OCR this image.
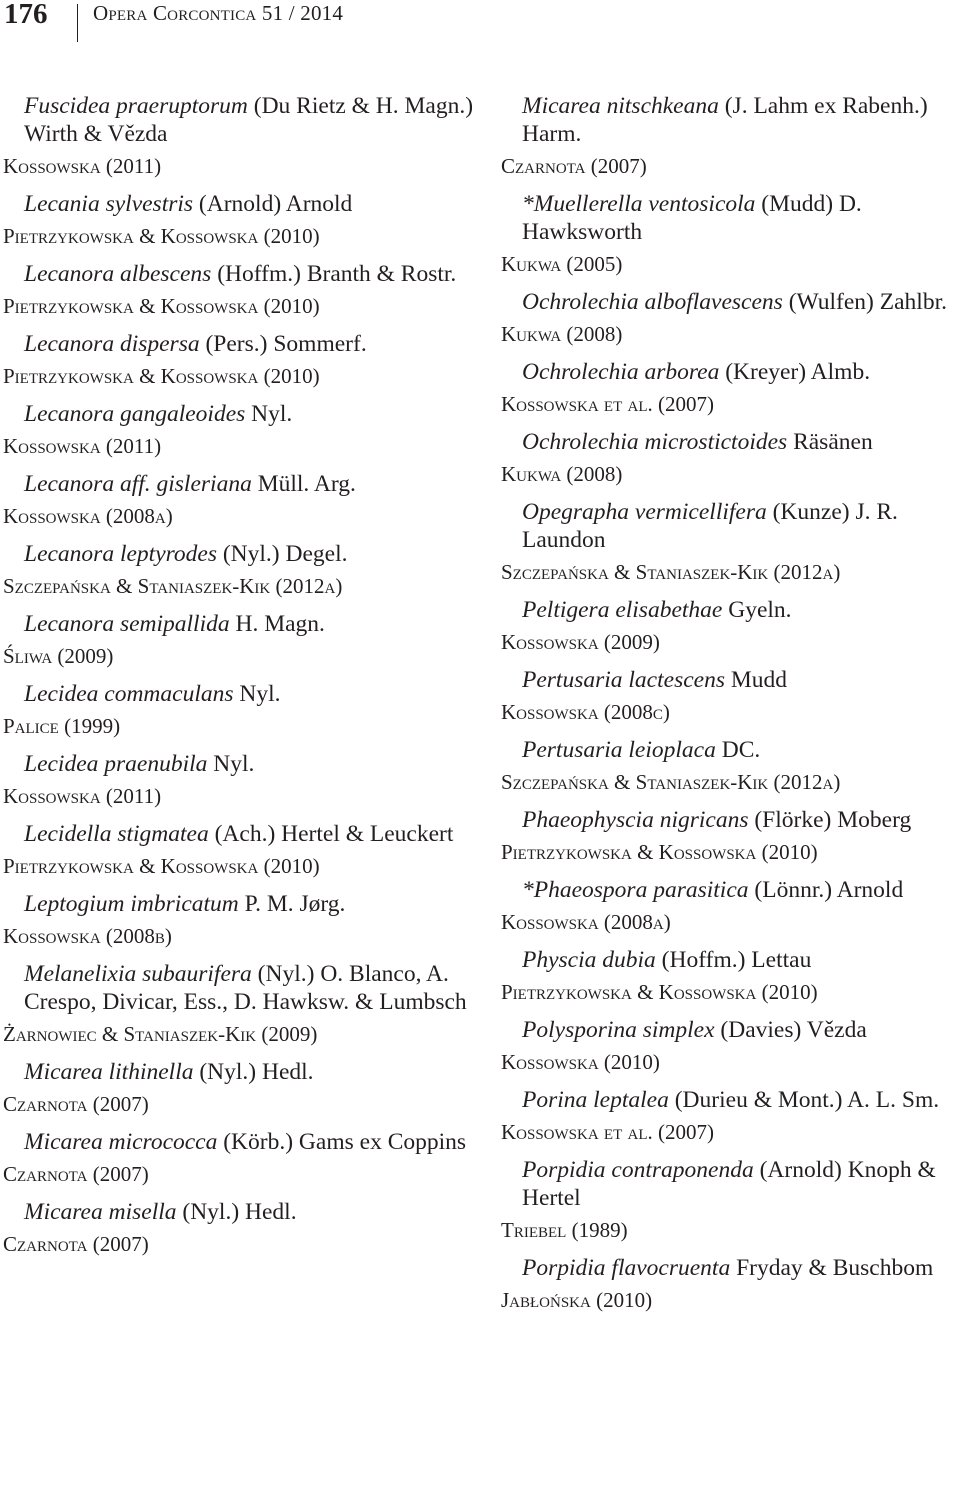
176 Opera Corcontica 51 / 2014
Fuscidea praeruptorum (Du Rietz & H. Magn.) Wirth & Vězda
Kossowska (2011)
Lecania sylvestris (Arnold) Arnold
Pietrzykowska & Kossowska (2010)
Lecanora albescens (Hoffm.) Branth & Rostr.
Pietrzykowska & Kossowska (2010)
Lecanora dispersa (Pers.) Sommerf.
Pietrzykowska & Kossowska (2010)
Lecanora gangaleoides Nyl.
Kossowska (2011)
Lecanora aff. gisleriana Müll. Arg.
Kossowska (2008a)
Lecanora leptyrodes (Nyl.) Degel.
Szczepańska & Staniaszek-Kik (2012a)
Lecanora semipallida H. Magn.
Śliwa (2009)
Lecidea commaculans Nyl.
Palice (1999)
Lecidea praenubila Nyl.
Kossowska (2011)
Lecidella stigmatea (Ach.) Hertel & Leuckert
Pietrzykowska & Kossowska (2010)
Leptogium imbricatum P. M. Jørg.
Kossowska (2008b)
Melanelixia subaurifera (Nyl.) O. Blanco, A. Crespo, Divicar, Ess., D. Hawksw. & Lumbsch
Żarnowiec & Staniaszek-Kik (2009)
Micarea lithinella (Nyl.) Hedl.
Czarnota (2007)
Micarea micrococca (Körb.) Gams ex Coppins
Czarnota (2007)
Micarea misella (Nyl.) Hedl.
Czarnota (2007)
Micarea nitschkeana (J. Lahm ex Rabenh.) Harm.
Czarnota (2007)
*Muellerella ventosicola (Mudd) D. Hawksworth
Kukwa (2005)
Ochrolechia alboflavescens (Wulfen) Zahlbr.
Kukwa (2008)
Ochrolechia arborea (Kreyer) Almb.
Kossowska et al. (2007)
Ochrolechia microstictoides Räsänen
Kukwa (2008)
Opegrapha vermicellifera (Kunze) J. R. Laundon
Szczepańska & Staniaszek-Kik (2012a)
Peltigera elisabethae Gyeln.
Kossowska (2009)
Pertusaria lactescens Mudd
Kossowska (2008c)
Pertusaria leioplaca DC.
Szczepańska & Staniaszek-Kik (2012a)
Phaeophyscia nigricans (Flörke) Moberg
Pietrzykowska & Kossowska (2010)
*Phaeospora parasitica (Lönnr.) Arnold
Kossowska (2008a)
Physcia dubia (Hoffm.) Lettau
Pietrzykowska & Kossowska (2010)
Polysporina simplex (Davies) Vězda
Kossowska (2010)
Porina leptalea (Durieu & Mont.) A. L. Sm.
Kossowska et al. (2007)
Porpidia contraponenda (Arnold) Knoph & Hertel
Triebel (1989)
Porpidia flavocruenta Fryday & Buschbom
Jabłońska (2010)
